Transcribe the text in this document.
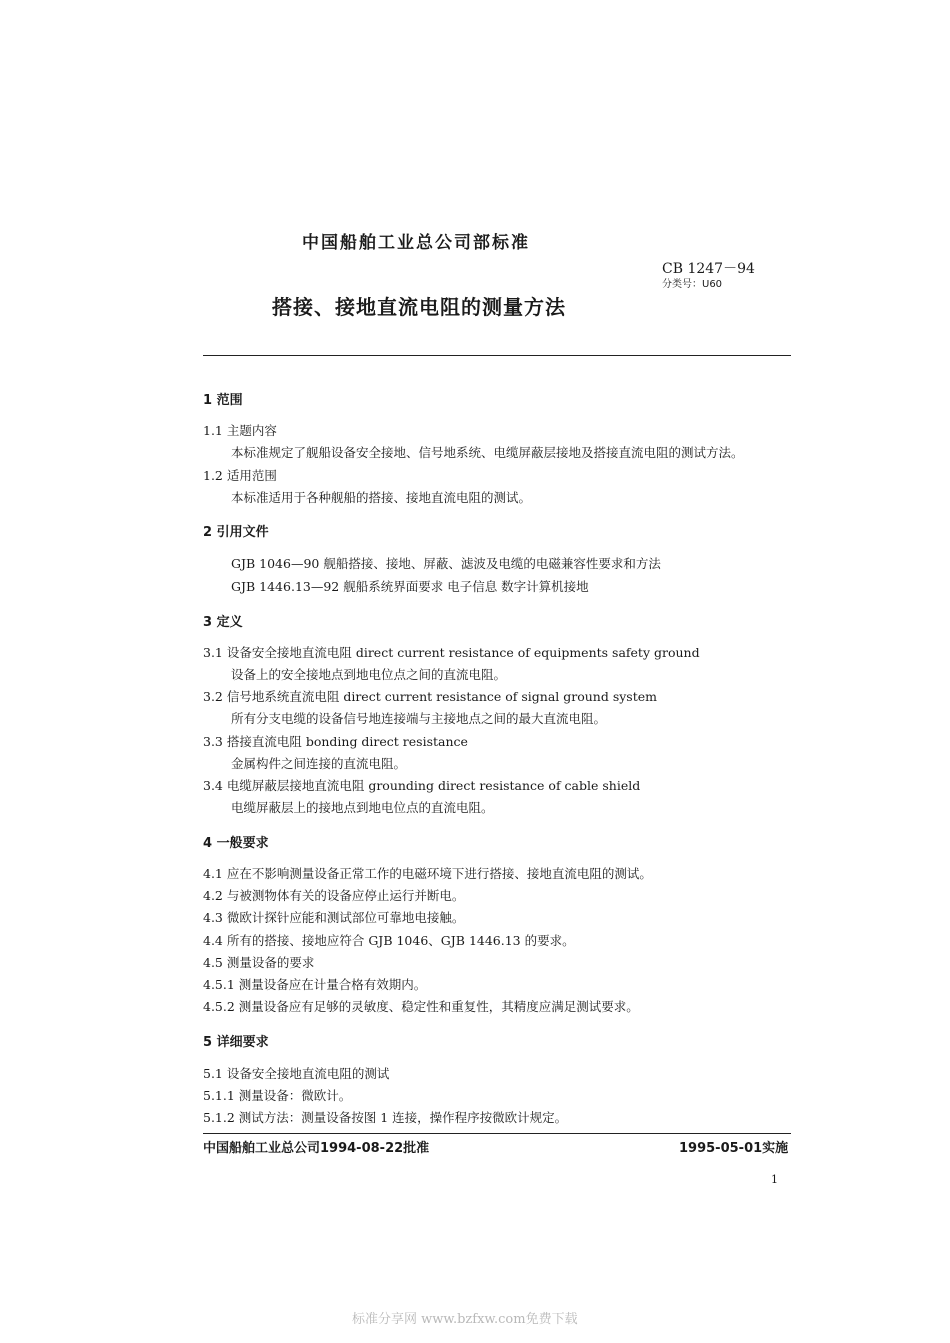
中国船舶工业总公司部标准
CB 1247－94
分类号：U60
搭接、接地直流电阻的测量方法
1 范围
1.1 主题内容
本标准规定了舰船设备安全接地、信号地系统、电缆屏蔽层接地及搭接直流电阻的测试方法。
1.2 适用范围
本标准适用于各种舰船的搭接、接地直流电阻的测试。
2 引用文件
GJB 1046—90 舰船搭接、接地、屏蔽、滤波及电缆的电磁兼容性要求和方法
GJB 1446.13—92 舰船系统界面要求 电子信息 数字计算机接地
3 定义
3.1 设备安全接地直流电阻 direct current resistance of equipments safety ground
设备上的安全接地点到地电位点之间的直流电阻。
3.2 信号地系统直流电阻 direct current resistance of signal ground system
所有分支电缆的设备信号地连接端与主接地点之间的最大直流电阻。
3.3 搭接直流电阻 bonding direct resistance
金属构件之间连接的直流电阻。
3.4 电缆屏蔽层接地直流电阻 grounding direct resistance of cable shield
电缆屏蔽层上的接地点到地电位点的直流电阻。
4 一般要求
4.1 应在不影响测量设备正常工作的电磁环境下进行搭接、接地直流电阻的测试。
4.2 与被测物体有关的设备应停止运行并断电。
4.3 微欧计探针应能和测试部位可靠地电接触。
4.4 所有的搭接、接地应符合 GJB 1046、GJB 1446.13 的要求。
4.5 测量设备的要求
4.5.1 测量设备应在计量合格有效期内。
4.5.2 测量设备应有足够的灵敏度、稳定性和重复性，其精度应满足测试要求。
5 详细要求
5.1 设备安全接地直流电阻的测试
5.1.1 测量设备：微欧计。
5.1.2 测试方法：测量设备按图 1 连接，操作程序按微欧计规定。
中国船舶工业总公司1994-08-22批准	1995-05-01实施
1
标准分享网 www.bzfxw.com免费下载
